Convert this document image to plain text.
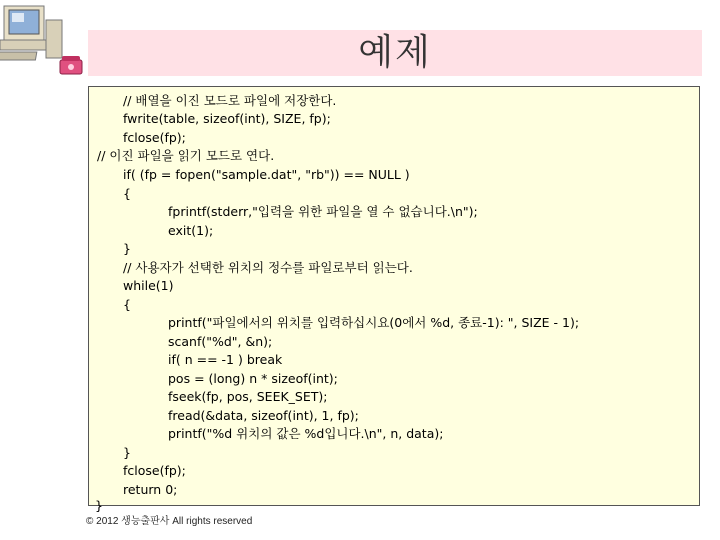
예제
// 배열을 이진 모드로 파일에 저장한다.
fwrite(table, sizeof(int), SIZE, fp);
fclose(fp);
// 이진 파일을 읽기 모드로 연다.
if( (fp = fopen("sample.dat", "rb")) == NULL )
{
fprintf(stderr,"입력을 위한 파일을 열 수 없습니다.\n");
exit(1);
}
// 사용자가 선택한 위치의 정수를 파일로부터 읽는다.
while(1)
{
printf("파일에서의 위치를 입력하십시요(0에서 %d, 종료-1): ", SIZE - 1);
scanf("%d", &n);
if( n == -1 ) break
pos = (long) n * sizeof(int);
fseek(fp, pos, SEEK_SET);
fread(&data, sizeof(int), 1, fp);
printf("%d 위치의 값은 %d입니다.\n", n, data);
}
fclose(fp);
return 0;
}
© 2012 생능출판사 All rights reserved
